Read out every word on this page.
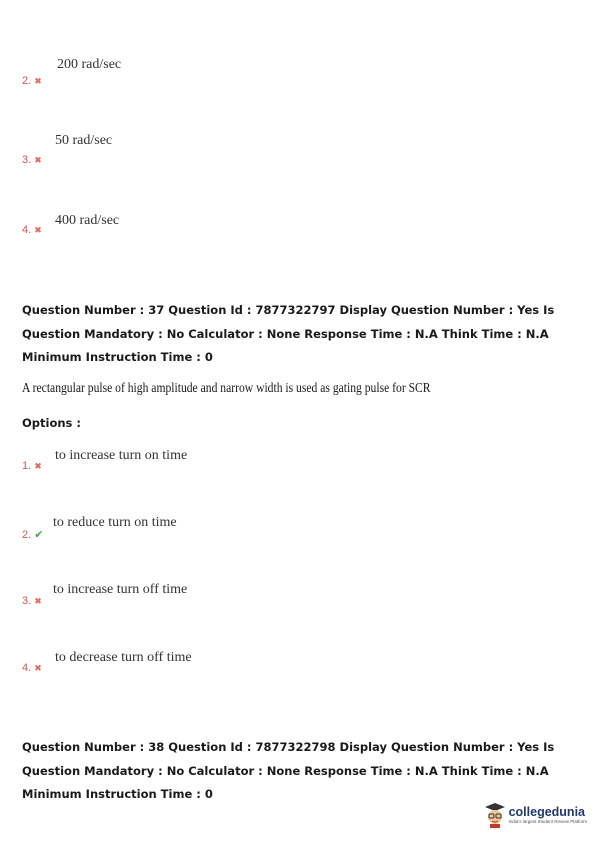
200 rad/sec
2. ✖
50 rad/sec
3. ✖
400 rad/sec
4. ✖
Question Number : 37 Question Id : 7877322797 Display Question Number : Yes Is Question Mandatory : No Calculator : None Response Time : N.A Think Time : N.A Minimum Instruction Time : 0
A rectangular pulse of high amplitude and narrow width is used as gating pulse for SCR
Options :
to increase turn on time
1. ✖
to reduce turn on time
2. ✔
to increase turn off time
3. ✖
to decrease turn off time
4. ✖
Question Number : 38 Question Id : 7877322798 Display Question Number : Yes Is Question Mandatory : No Calculator : None Response Time : N.A Think Time : N.A Minimum Instruction Time : 0
collegedunia
India's largest Student Review Platform
